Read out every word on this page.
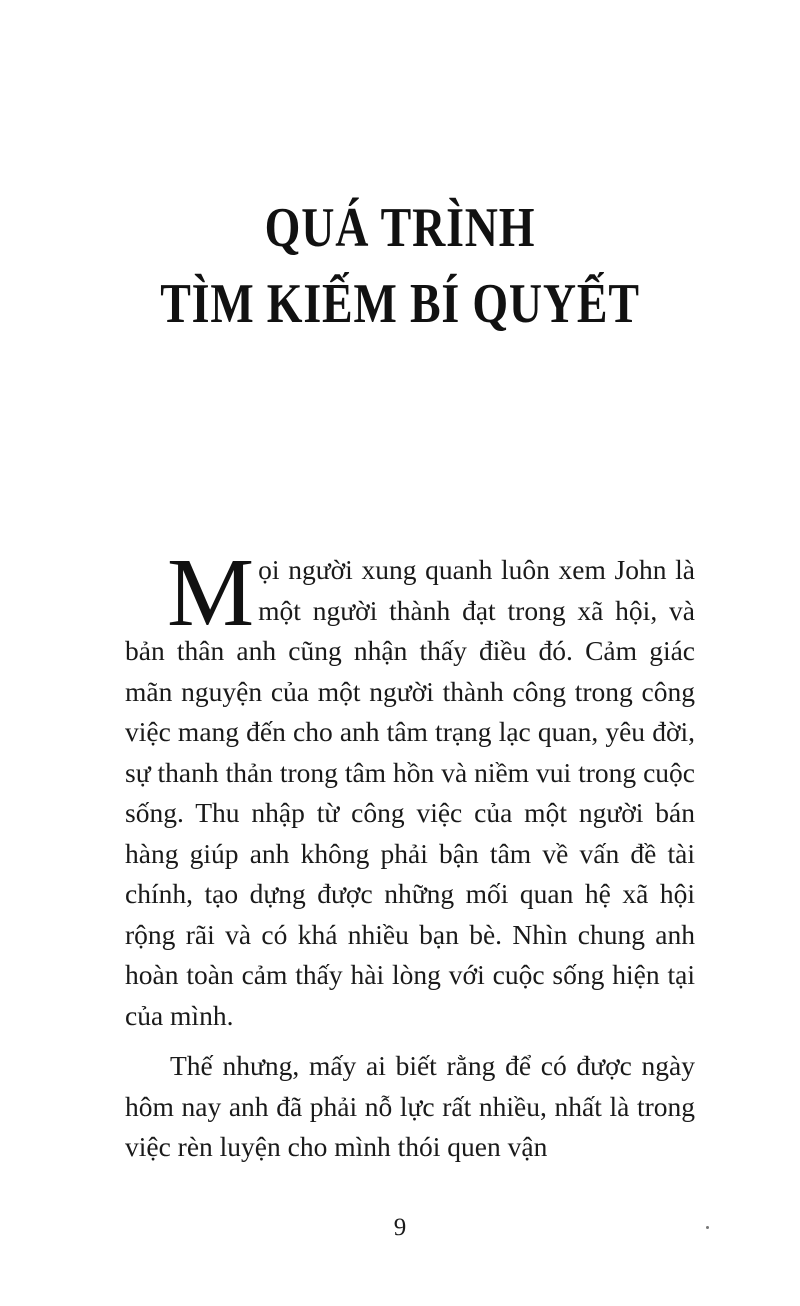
QUÁ TRÌNH
TÌM KIẾM BÍ QUYẾT

Mọi người xung quanh luôn xem John là một người thành đạt trong xã hội, và bản thân anh cũng nhận thấy điều đó. Cảm giác mãn nguyện của một người thành công trong công việc mang đến cho anh tâm trạng lạc quan, yêu đời, sự thanh thản trong tâm hồn và niềm vui trong cuộc sống. Thu nhập từ công việc của một người bán hàng giúp anh không phải bận tâm về vấn đề tài chính, tạo dựng được những mối quan hệ xã hội rộng rãi và có khá nhiều bạn bè. Nhìn chung anh hoàn toàn cảm thấy hài lòng với cuộc sống hiện tại của mình.

Thế nhưng, mấy ai biết rằng để có được ngày hôm nay anh đã phải nỗ lực rất nhiều, nhất là trong việc rèn luyện cho mình thói quen vận

9
